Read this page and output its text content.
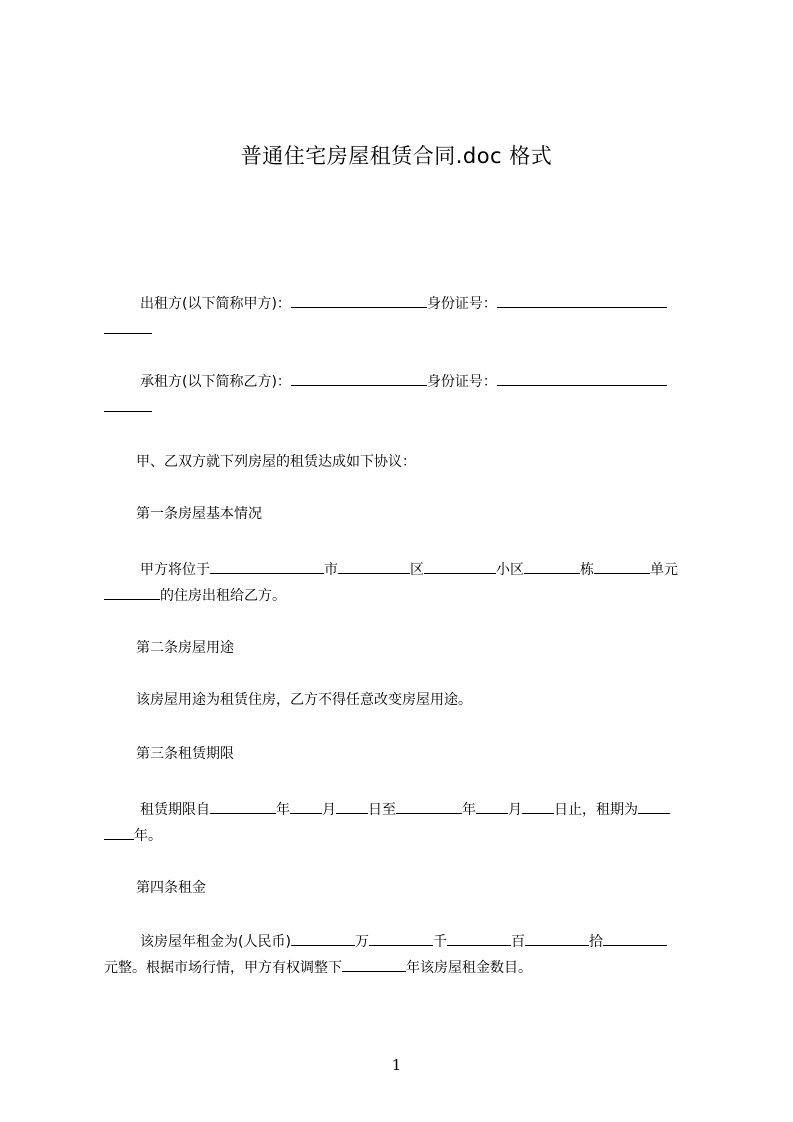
普通住宅房屋租赁合同.doc 格式
出租方(以下简称甲方)：	身份证号：
承租方(以下简称乙方)：	身份证号：
甲、乙双方就下列房屋的租赁达成如下协议：
第一条房屋基本情况
甲方将位于	市	区	小区	栋	单元
的住房出租给乙方。
第二条房屋用途
该房屋用途为租赁住房，乙方不得任意改变房屋用途。
第三条租赁期限
租赁期限自	年 月 日至	年 月 日止，租期为
年。
第四条租金
该房屋年租金为(人民币)	万	千	百	拾
元整。根据市场行情，甲方有权调整下	年该房屋租金数目。
1
